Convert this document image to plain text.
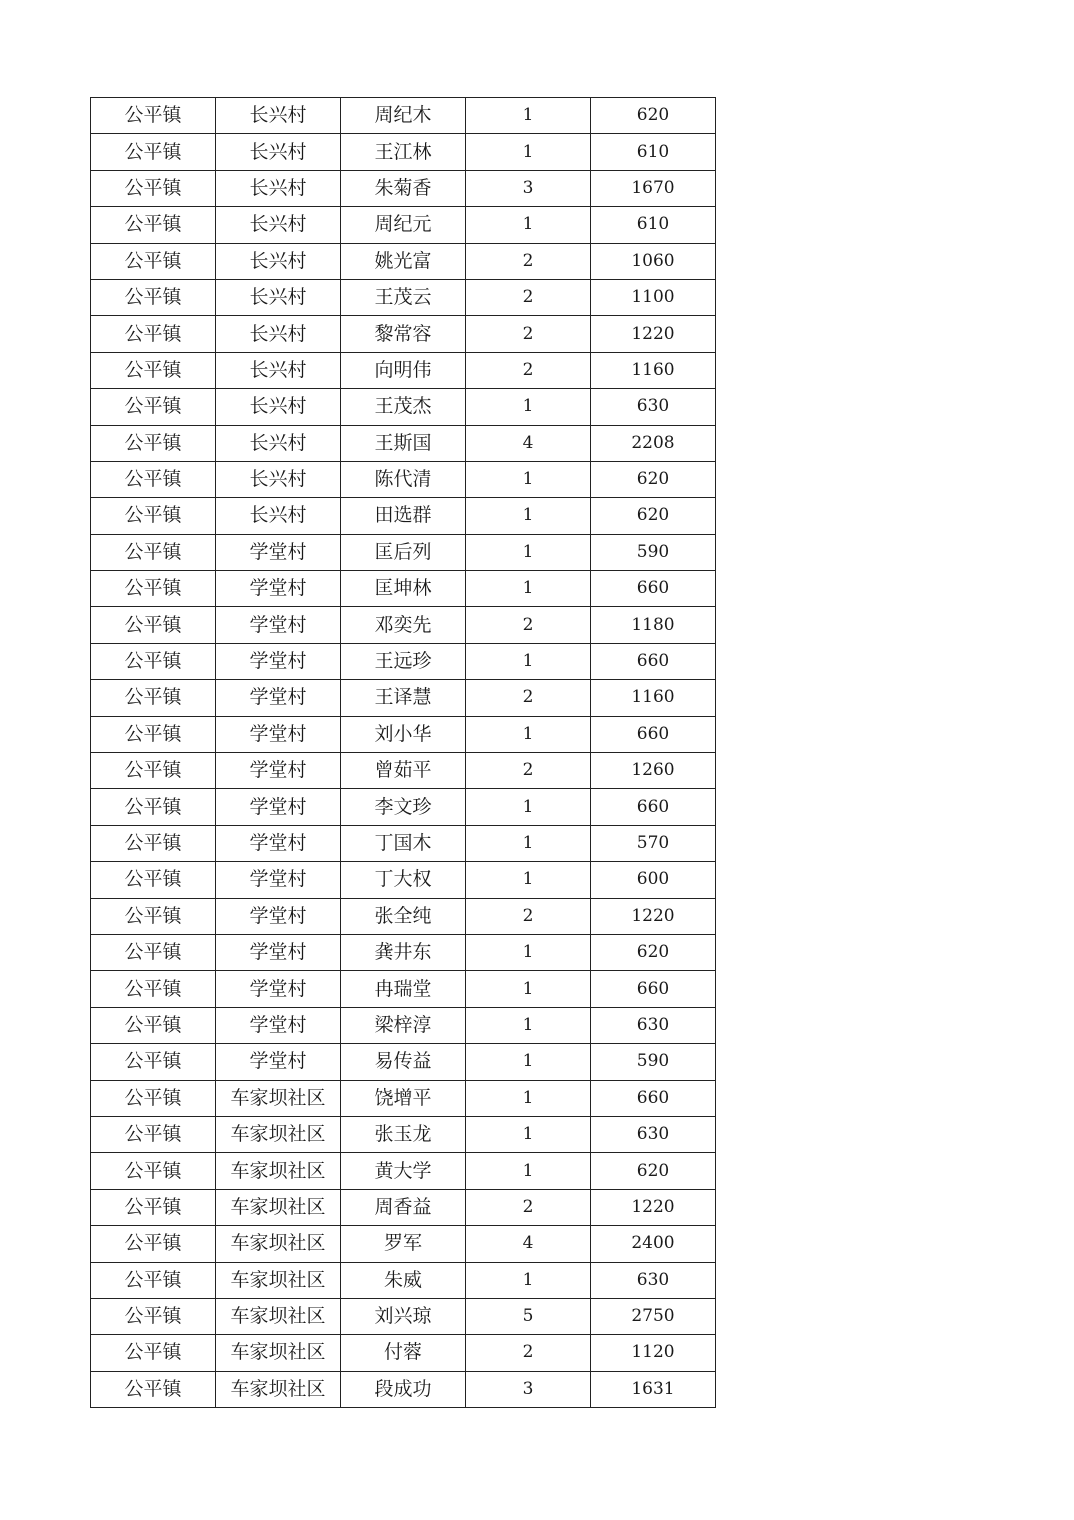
公平镇	长兴村	周纪木	1	620
公平镇	长兴村	王江林	1	610
公平镇	长兴村	朱菊香	3	1670
公平镇	长兴村	周纪元	1	610
公平镇	长兴村	姚光富	2	1060
公平镇	长兴村	王茂云	2	1100
公平镇	长兴村	黎常容	2	1220
公平镇	长兴村	向明伟	2	1160
公平镇	长兴村	王茂杰	1	630
公平镇	长兴村	王斯国	4	2208
公平镇	长兴村	陈代清	1	620
公平镇	长兴村	田选群	1	620
公平镇	学堂村	匡后列	1	590
公平镇	学堂村	匡坤林	1	660
公平镇	学堂村	邓奕先	2	1180
公平镇	学堂村	王远珍	1	660
公平镇	学堂村	王译慧	2	1160
公平镇	学堂村	刘小华	1	660
公平镇	学堂村	曾茹平	2	1260
公平镇	学堂村	李文珍	1	660
公平镇	学堂村	丁国木	1	570
公平镇	学堂村	丁大权	1	600
公平镇	学堂村	张全纯	2	1220
公平镇	学堂村	龚井东	1	620
公平镇	学堂村	冉瑞堂	1	660
公平镇	学堂村	梁梓淳	1	630
公平镇	学堂村	易传益	1	590
公平镇	车家坝社区	饶增平	1	660
公平镇	车家坝社区	张玉龙	1	630
公平镇	车家坝社区	黄大学	1	620
公平镇	车家坝社区	周香益	2	1220
公平镇	车家坝社区	罗军	4	2400
公平镇	车家坝社区	朱威	1	630
公平镇	车家坝社区	刘兴琼	5	2750
公平镇	车家坝社区	付蓉	2	1120
公平镇	车家坝社区	段成功	3	1631
